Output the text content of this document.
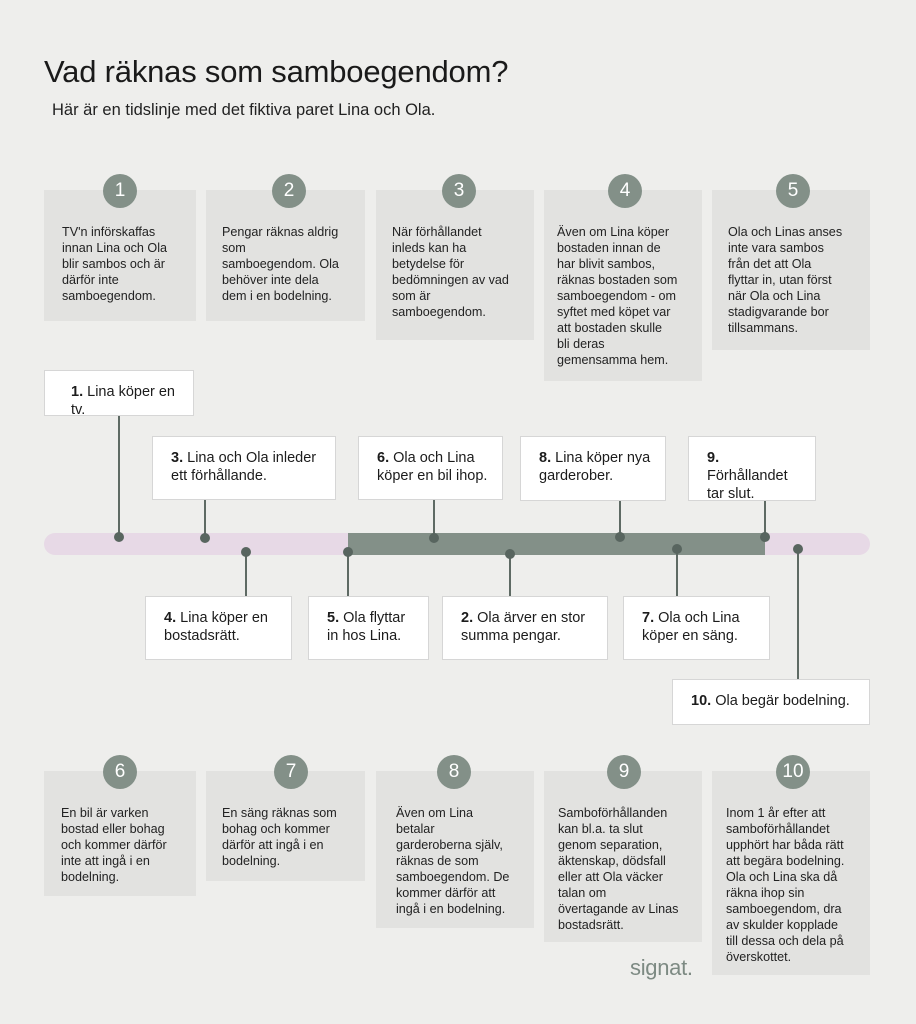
Vad räknas som samboegendom?

Här är en tidslinje med det fiktiva paret Lina och Ola.

TV'n införskaffas
innan Lina och Ola
blir sambos och är
därför inte
samboegendom.
1
Pengar räknas aldrig
som
samboegendom. Ola
behöver inte dela
dem i en bodelning.
2
När förhållandet
inleds kan ha
betydelse för
bedömningen av vad
som är
samboegendom.
3
Även om Lina köper
bostaden innan de
har blivit sambos,
räknas bostaden som
samboegendom - om
syftet med köpet var
att bostaden skulle
bli deras
gemensamma hem.
4
Ola och Linas anses
inte vara sambos
från det att Ola
flyttar in, utan först
när Ola och Lina
stadigvarande bor
tillsammans.
5
1. Lina köper en tv.
3. Lina och Ola inleder
ett förhållande.
6. Ola och Lina
köper en bil ihop.
8. Lina köper nya
garderober.
9. Förhållandet
tar slut.
4. Lina köper en
bostadsrätt.
5. Ola flyttar
in hos Lina.
2. Ola ärver en stor
summa pengar.
7. Ola och Lina
köper en säng.
10. Ola begär bodelning.
En bil är varken
bostad eller bohag
och kommer därför
inte att ingå i en
bodelning.
6
En säng räknas som
bohag och kommer
därför att ingå i en
bodelning.
7
Även om Lina
betalar
garderoberna själv,
räknas de som
samboegendom. De
kommer därför att
ingå i en bodelning.
8
Samboförhållanden
kan bl.a. ta slut
genom separation,
äktenskap, dödsfall
eller att Ola väcker
talan om
övertagande av Linas
bostadsrätt.
9
Inom 1 år efter att
samboförhållandet
upphört har båda rätt
att begära bodelning.
Ola och Lina ska då
räkna ihop sin
samboegendom, dra
av skulder kopplade
till dessa och dela på
överskottet.
10
signat.
